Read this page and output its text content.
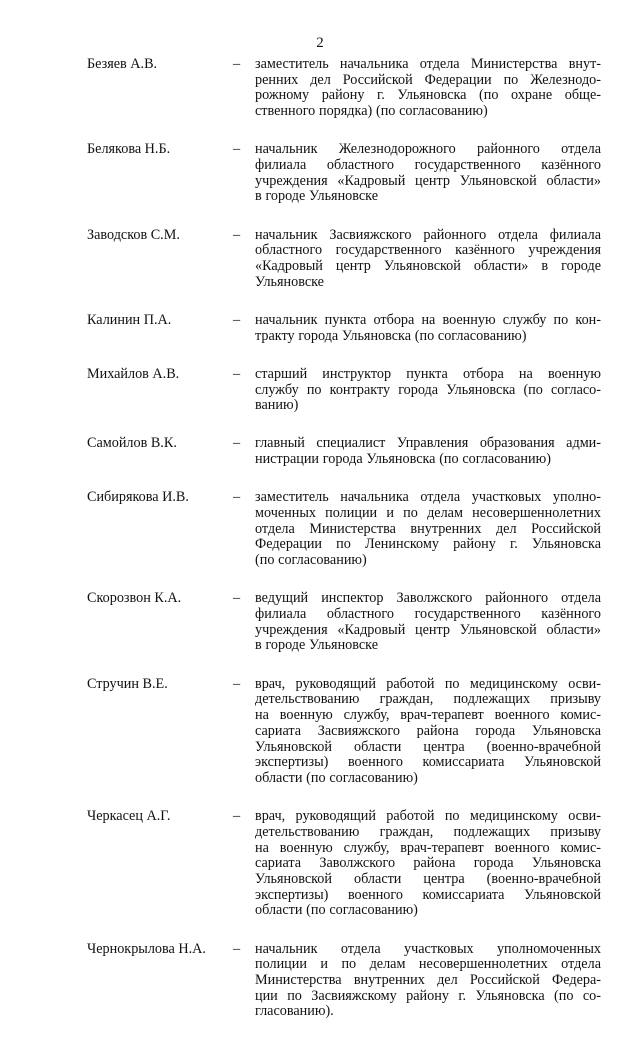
2
Безяев А.В.	–	заместитель начальника отдела Министерства внут-
ренних дел Российской Федерации по Железнодо-
рожному району г. Ульяновска (по охране обще-
ственного порядка) (по согласованию)
Белякова Н.Б.	–	начальник Железнодорожного районного отдела
филиала областного государственного казённого
учреждения «Кадровый центр Ульяновской области»
в городе Ульяновске
Заводсков С.М.	–	начальник Засвияжского районного отдела филиала
областного государственного казённого учреждения
«Кадровый центр Ульяновской области» в городе
Ульяновске
Калинин П.А.	–	начальник пункта отбора на военную службу по кон-
тракту города Ульяновска (по согласованию)
Михайлов А.В.	–	старший инструктор пункта отбора на военную
службу по контракту города Ульяновска (по согласо-
ванию)
Самойлов В.К.	–	главный специалист Управления образования адми-
нистрации города Ульяновска (по согласованию)
Сибирякова И.В.	–	заместитель начальника отдела участковых уполно-
моченных полиции и по делам несовершеннолетних
отдела Министерства внутренних дел Российской
Федерации по Ленинскому району г. Ульяновска
(по согласованию)
Скорозвон К.А.	–	ведущий инспектор Заволжского районного отдела
филиала областного государственного казённого
учреждения «Кадровый центр Ульяновской области»
в городе Ульяновске
Стручин В.Е.	–	врач, руководящий работой по медицинскому осви-
детельствованию граждан, подлежащих призыву
на военную службу, врач-терапевт военного комис-
сариата Засвияжского района города Ульяновска
Ульяновской области центра (военно-врачебной
экспертизы) военного комиссариата Ульяновской
области (по согласованию)
Черкасец А.Г.	–	врач, руководящий работой по медицинскому осви-
детельствованию граждан, подлежащих призыву
на военную службу, врач-терапевт военного комис-
сариата Заволжского района города Ульяновска
Ульяновской области центра (военно-врачебной
экспертизы) военного комиссариата Ульяновской
области (по согласованию)
Чернокрылова Н.А.	–	начальник отдела участковых уполномоченных
полиции и по делам несовершеннолетних отдела
Министерства внутренних дел Российской Федера-
ции по Засвияжскому району г. Ульяновска (по со-
гласованию).
